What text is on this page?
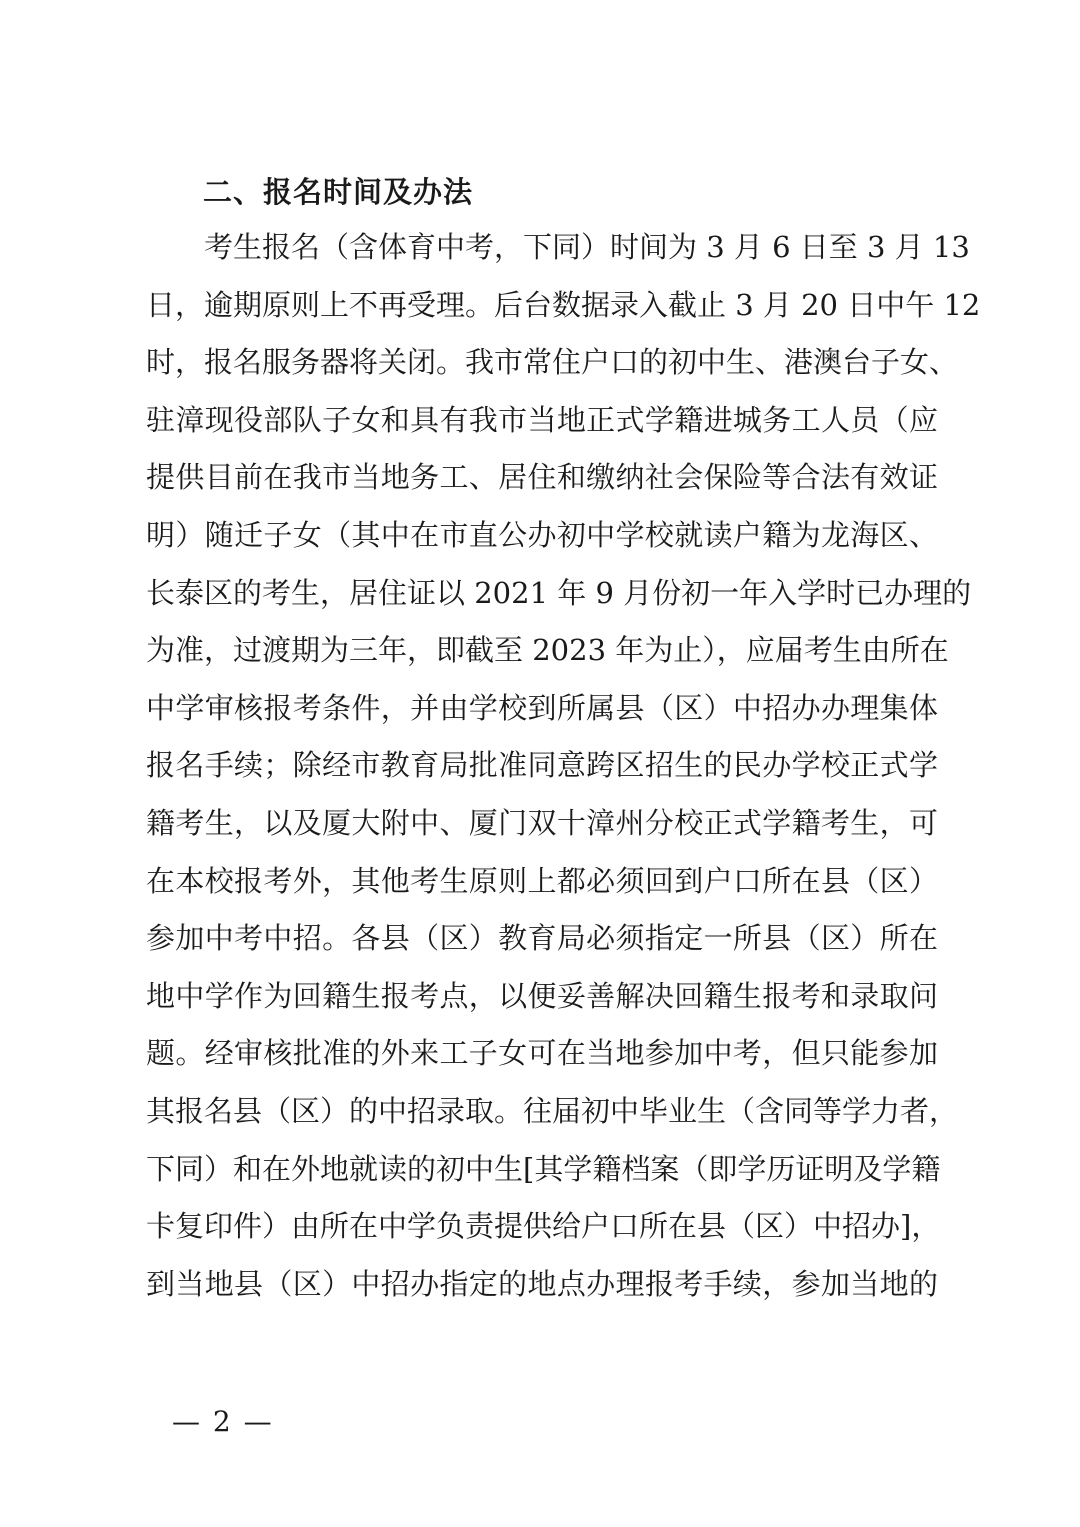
二、报名时间及办法
考生报名（含体育中考，下同）时间为 3 月 6 日至 3 月 13
日，逾期原则上不再受理。后台数据录入截止 3 月 20 日中午 12
时，报名服务器将关闭。我市常住户口的初中生、港澳台子女、
驻漳现役部队子女和具有我市当地正式学籍进城务工人员（应
提供目前在我市当地务工、居住和缴纳社会保险等合法有效证
明）随迁子女（其中在市直公办初中学校就读户籍为龙海区、
长泰区的考生，居住证以 2021 年 9 月份初一年入学时已办理的
为准，过渡期为三年，即截至 2023 年为止），应届考生由所在
中学审核报考条件，并由学校到所属县（区）中招办办理集体
报名手续；除经市教育局批准同意跨区招生的民办学校正式学
籍考生，以及厦大附中、厦门双十漳州分校正式学籍考生，可
在本校报考外，其他考生原则上都必须回到户口所在县（区）
参加中考中招。各县（区）教育局必须指定一所县（区）所在
地中学作为回籍生报考点，以便妥善解决回籍生报考和录取问
题。经审核批准的外来工子女可在当地参加中考，但只能参加
其报名县（区）的中招录取。往届初中毕业生（含同等学力者，
下同）和在外地就读的初中生[其学籍档案（即学历证明及学籍
卡复印件）由所在中学负责提供给户口所在县（区）中招办]，
到当地县（区）中招办指定的地点办理报考手续，参加当地的
— 2 —
